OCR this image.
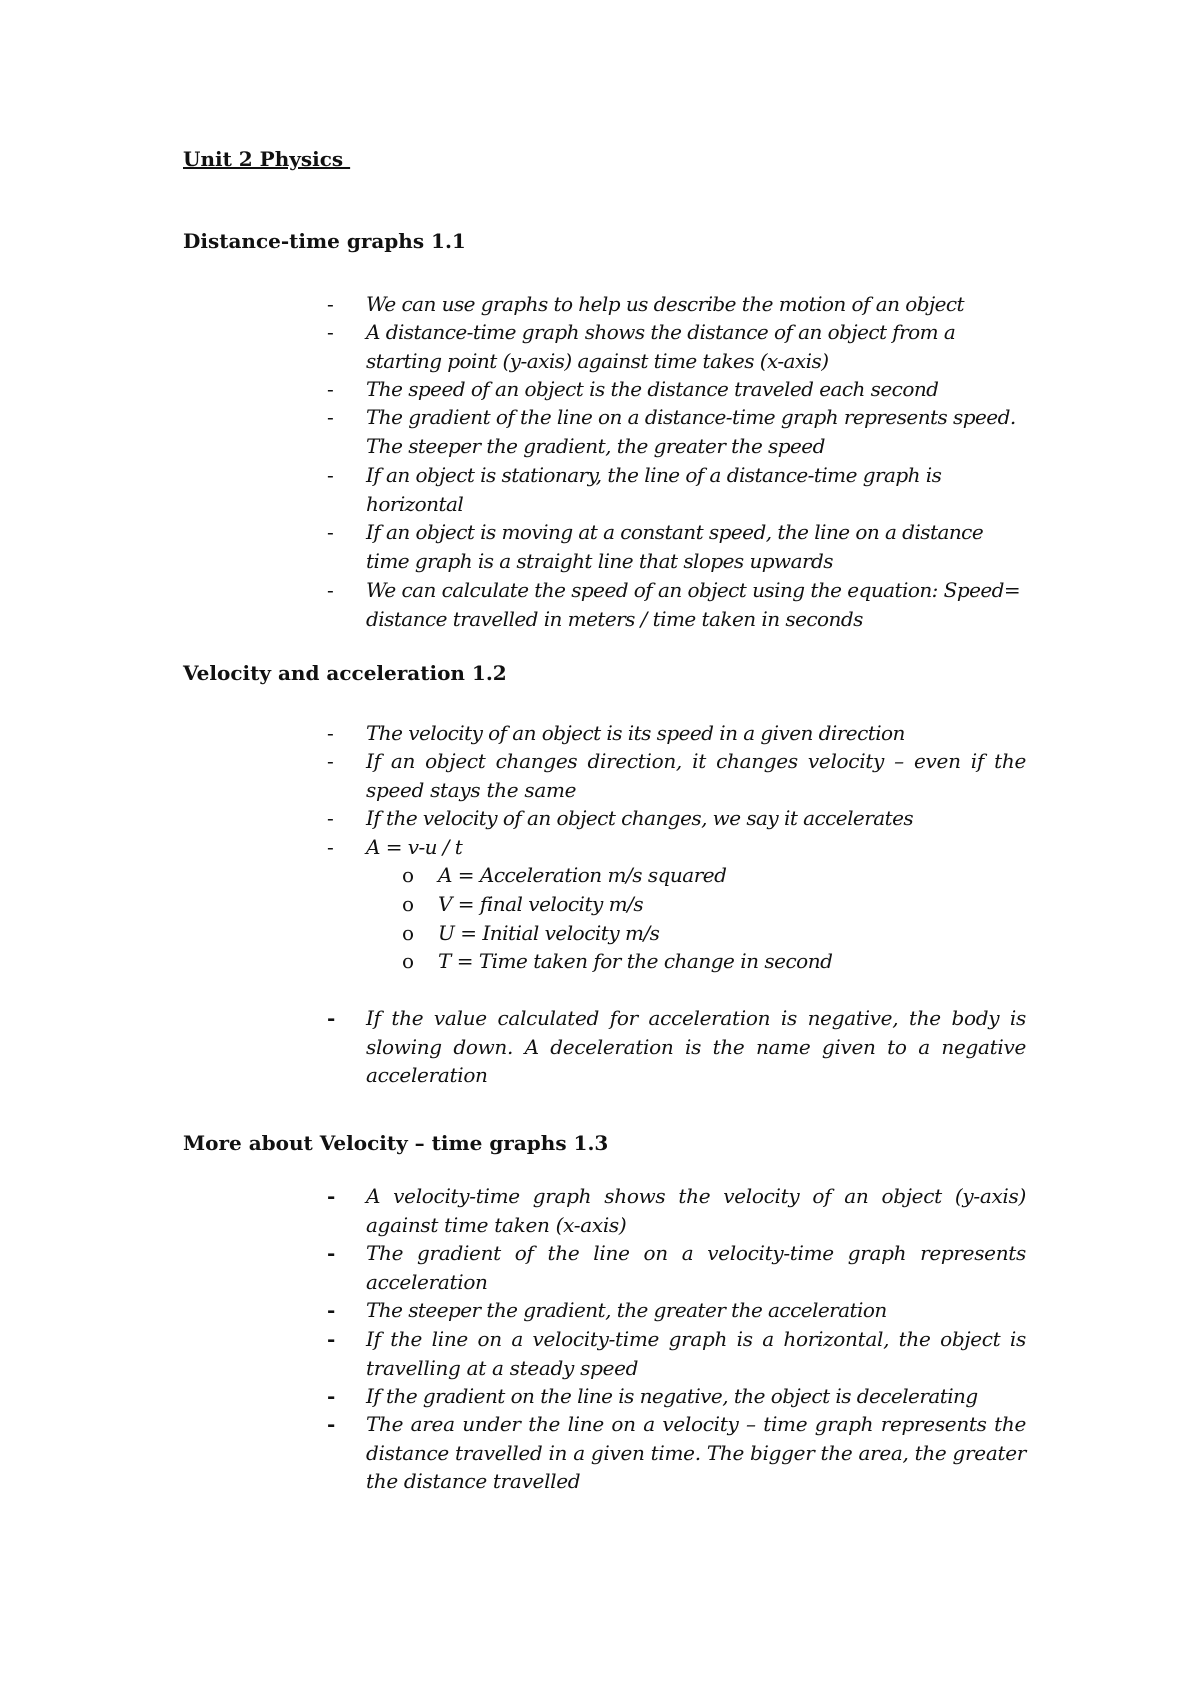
Unit 2 Physics
Distance-time graphs 1.1
- We can use graphs to help us describe the motion of an object

- A distance-time graph shows the distance of an object from a starting point (y-axis) against time takes (x-axis)

- The speed of an object is the distance traveled each second

- The gradient of the line on a distance-time graph represents speed. The steeper the gradient, the greater the speed

- If an object is stationary, the line of a distance-time graph is horizontal

- If an object is moving at a constant speed, the line on a distance time graph is a straight line that slopes upwards

- We can calculate the speed of an object using the equation: Speed= distance travelled in meters / time taken in seconds

Velocity and acceleration 1.2
- The velocity of an object is its speed in a given direction

- If an object changes direction, it changes velocity – even if the speed stays the same

- If the velocity of an object changes, we say it accelerates

- A = v-u / t

o A = Acceleration m/s squared
o V = final velocity m/s
o U = Initial velocity m/s
o T = Time taken for the change in second
- If the value calculated for acceleration is negative, the body is slowing down. A deceleration is the name given to a negative acceleration

More about Velocity – time graphs 1.3
- A velocity-time graph shows the velocity of an object (y-axis) against time taken (x-axis)

- The gradient of the line on a velocity-time graph represents acceleration

- The steeper the gradient, the greater the acceleration

- If the line on a velocity-time graph is a horizontal, the object is travelling at a steady speed

- If the gradient on the line is negative, the object is decelerating

- The area under the line on a velocity – time graph represents the distance travelled in a given time. The bigger the area, the greater the distance travelled
